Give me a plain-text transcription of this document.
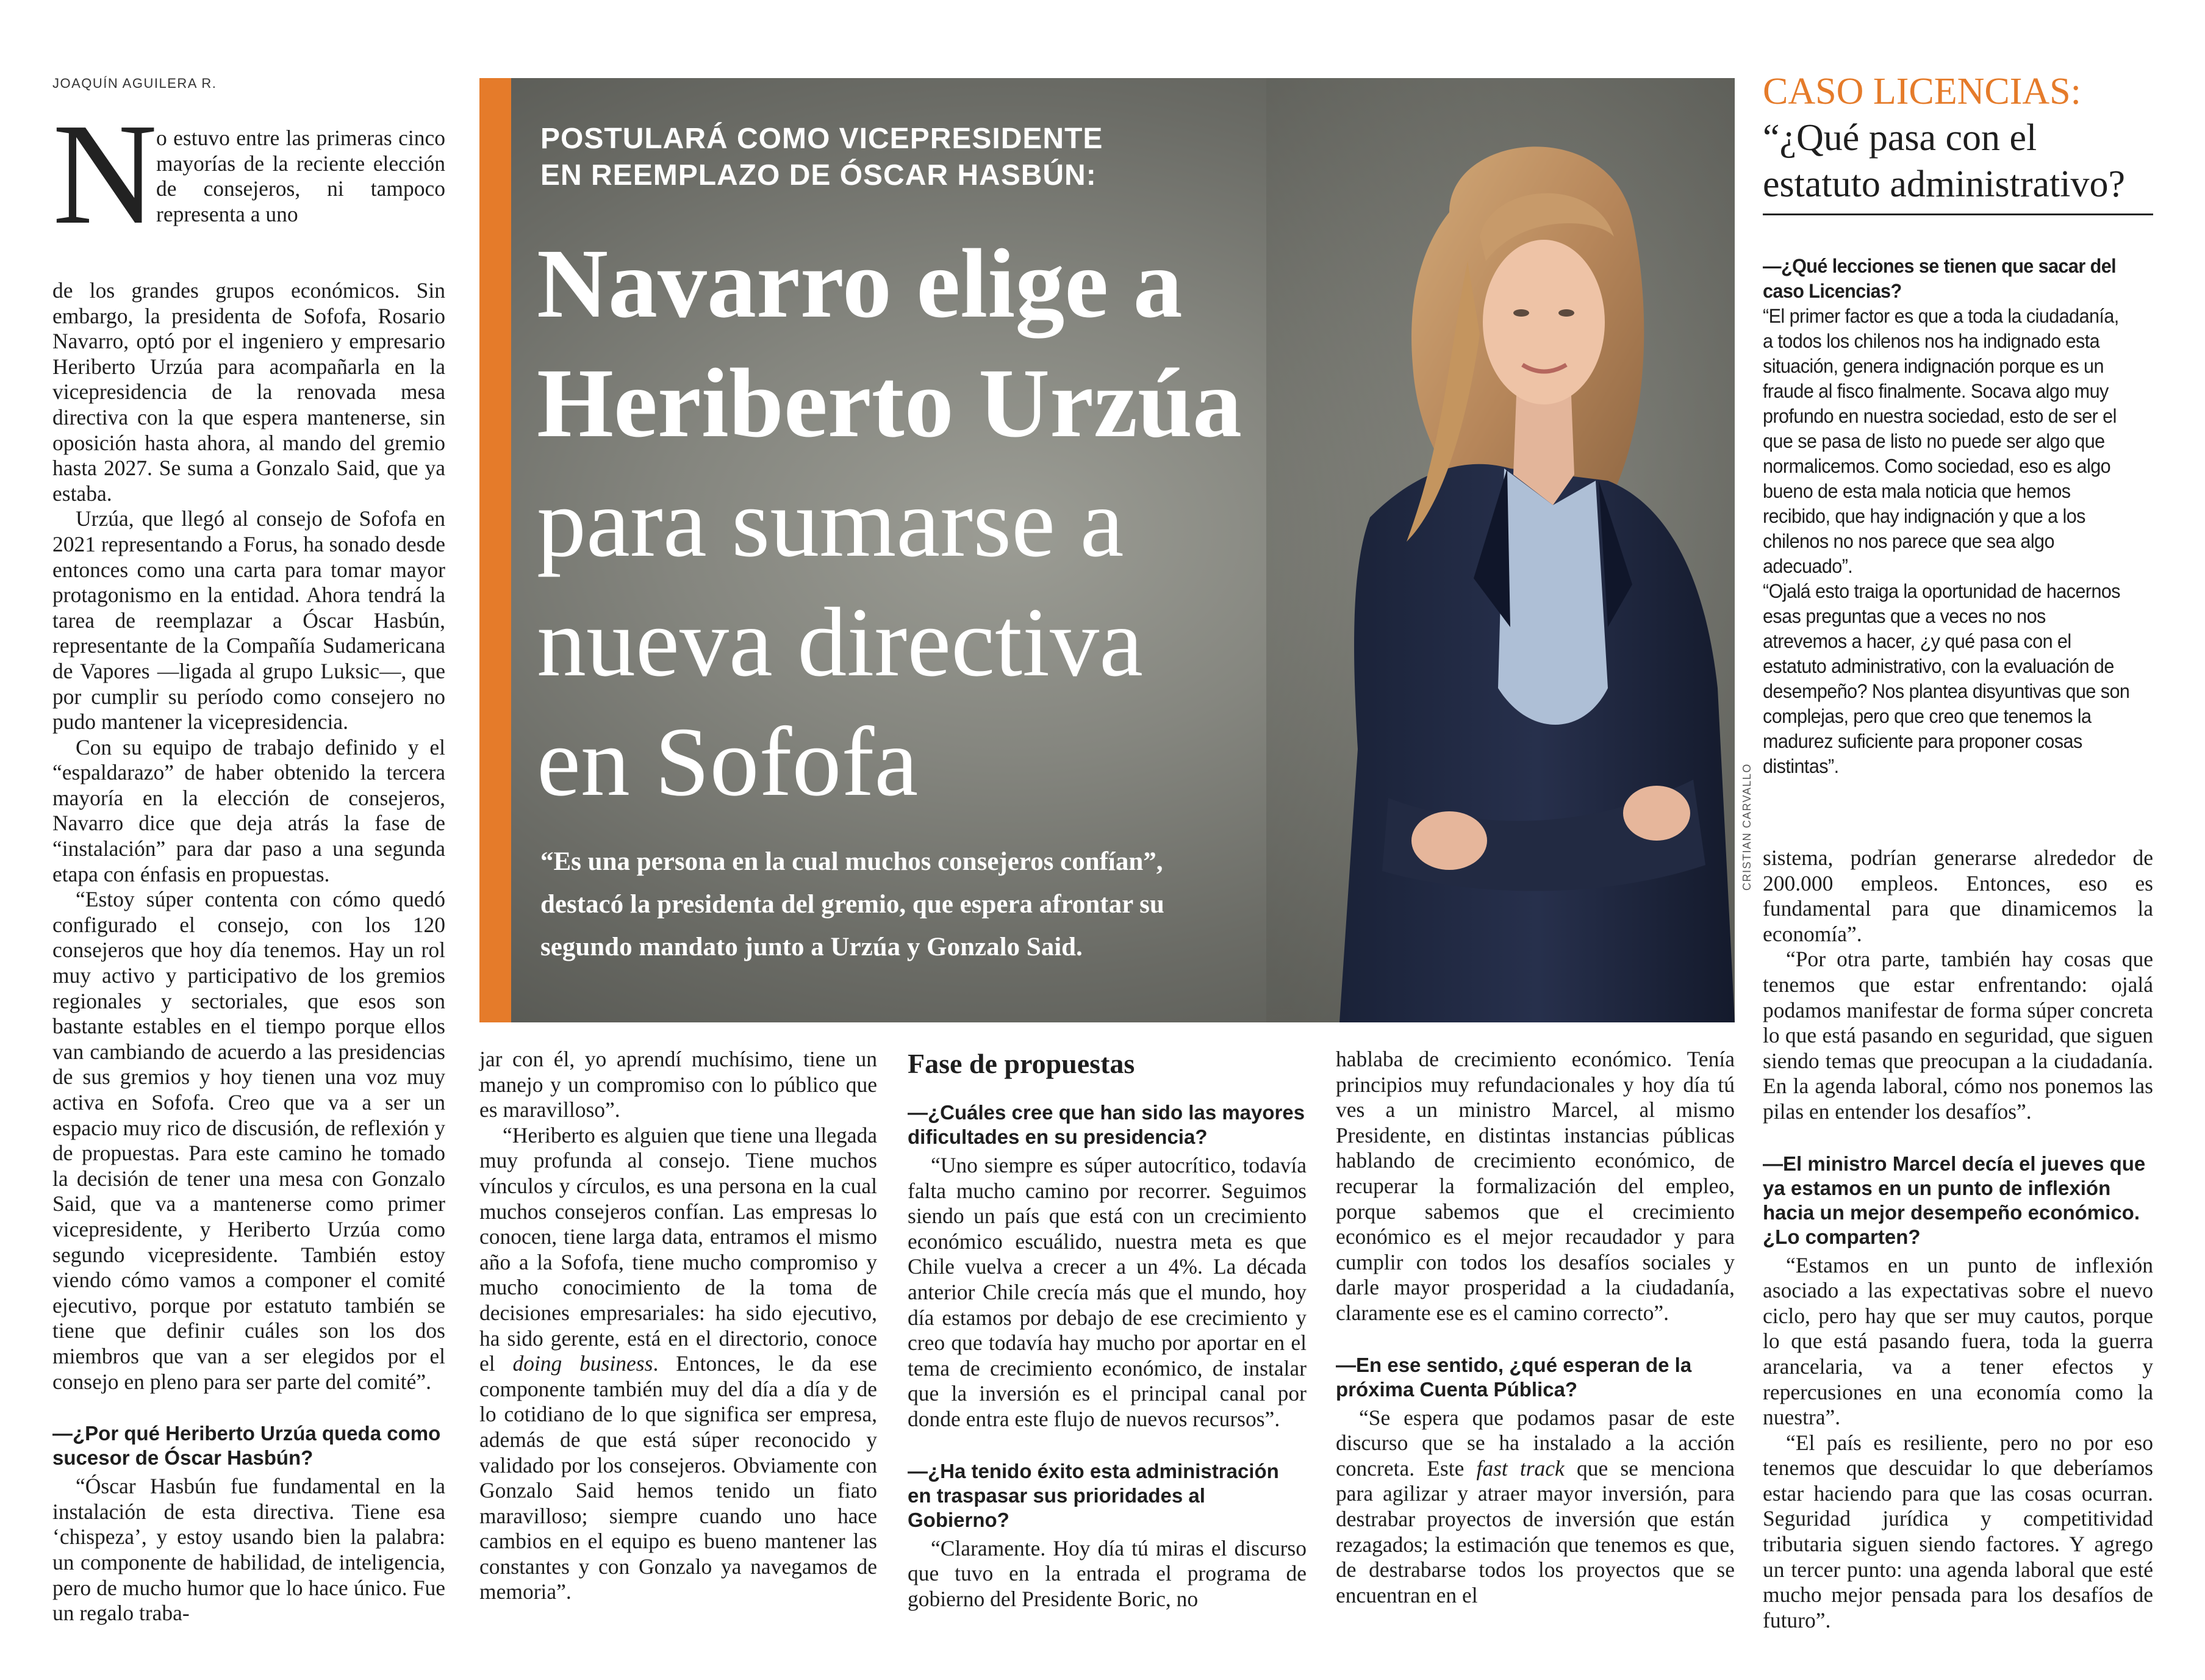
JOAQUÍN AGUILERA R.
N

o estuvo entre las primeras cinco mayorías de la reciente elección de consejeros, ni tampoco representa a uno

de los grandes grupos económicos. Sin embargo, la presidenta de Sofofa, Rosario Navarro, optó por el ingeniero y empresario Heriberto Urzúa para acompañarla en la vicepresidencia de la renovada mesa directiva con la que espera mantenerse, sin oposición hasta ahora, al mando del gremio hasta 2027. Se suma a Gonzalo Said, que ya estaba.

Urzúa, que llegó al consejo de Sofofa en 2021 representando a Forus, ha sonado desde entonces como una carta para tomar mayor protagonismo en la entidad. Ahora tendrá la tarea de reemplazar a Óscar Hasbún, representante de la Compañía Sudamericana de Vapores —ligada al grupo Luksic—, que por cumplir su período como consejero no pudo mantener la vicepresidencia.

Con su equipo de trabajo definido y el “espaldarazo” de haber obtenido la tercera mayoría en la elección de consejeros, Navarro dice que deja atrás la fase de “instalación” para dar paso a una segunda etapa con énfasis en propuestas.

“Estoy súper contenta con cómo quedó configurado el consejo, con los 120 consejeros que hoy día tenemos. Hay un rol muy activo y participativo de los gremios regionales y sectoriales, que esos son bastante estables en el tiempo porque ellos van cambiando de acuerdo a las presidencias de sus gremios y hoy tienen una voz muy activa en Sofofa. Creo que va a ser un espacio muy rico de discusión, de reflexión y de propuestas. Para este camino he tomado la decisión de tener una mesa con Gonzalo Said, que va a mantenerse como primer vicepresidente, y Heriberto Urzúa como segundo vicepresidente. También estoy viendo cómo vamos a componer el comité ejecutivo, porque por estatuto también se tiene que definir cuáles son los dos miembros que van a ser elegidos por el consejo en pleno para ser parte del comité”.

—¿Por qué Heriberto Urzúa queda como sucesor de Óscar Hasbún?

“Óscar Hasbún fue fundamental en la instalación de esta directiva. Tiene esa ‘chispeza’, y estoy usando bien la palabra: un componente de habilidad, de inteligencia, pero de mucho humor que lo hace único. Fue un regalo traba-

POSTULARÁ COMO VICEPRESIDENTE
EN REEMPLAZO DE ÓSCAR HASBÚN:
Navarro elige a
Heriberto Urzúa
para sumarse a
nueva directiva
en Sofofa
“Es una persona en la cual muchos consejeros confían”, destacó la presidenta del gremio, que espera afrontar su segundo mandato junto a Urzúa y Gonzalo Said.
CRISTIAN CARVALLO

jar con él, yo aprendí muchísimo, tiene un manejo y un compromiso con lo público que es maravilloso”.

“Heriberto es alguien que tiene una llegada muy profunda al consejo. Tiene muchos vínculos y círculos, es una persona en la cual muchos consejeros confían. Las empresas lo conocen, tiene larga data, entramos el mismo año a la Sofofa, tiene mucho compromiso y mucho conocimiento de la toma de decisiones empresariales: ha sido ejecutivo, ha sido gerente, está en el directorio, conoce el doing business. Entonces, le da ese componente también muy del día a día y de lo cotidiano de lo que significa ser empresa, además de que está súper reconocido y validado por los consejeros. Obviamente con Gonzalo Said hemos tenido un fiato maravilloso; siempre cuando uno hace cambios en el equipo es bueno mantener las constantes y con Gonzalo ya navegamos de memoria”.

Fase de propuestas

—¿Cuáles cree que han sido las mayores dificultades en su presidencia?

“Uno siempre es súper autocrítico, todavía falta mucho camino por recorrer. Seguimos siendo un país que está con un crecimiento económico escuálido, nuestra meta es que Chile vuelva a crecer a un 4%. La década anterior Chile crecía más que el mundo, hoy día estamos por debajo de ese crecimiento y creo que todavía hay mucho por aportar en el tema de crecimiento económico, de instalar que la inversión es el principal canal por donde entra este flujo de nuevos recursos”.

—¿Ha tenido éxito esta administración en traspasar sus prioridades al Gobierno?

“Claramente. Hoy día tú miras el discurso que tuvo en la entrada el programa de gobierno del Presidente Boric, no

hablaba de crecimiento económico. Tenía principios muy refundacionales y hoy día tú ves a un ministro Marcel, al mismo Presidente, en distintas instancias públicas hablando de crecimiento económico, de recuperar la formalización del empleo, porque sabemos que el crecimiento económico es el mejor recaudador y para cumplir con todos los desafíos sociales y darle mayor prosperidad a la ciudadanía, claramente ese es el camino correcto”.

—En ese sentido, ¿qué esperan de la próxima Cuenta Pública?

“Se espera que podamos pasar de este discurso que se ha instalado a la acción concreta. Este fast track que se menciona para agilizar y atraer mayor inversión, para destrabar proyectos de inversión que están rezagados; la estimación que tenemos es que, de destrabarse todos los proyectos que se encuentran en el

CASO LICENCIAS:
“¿Qué pasa con el estatuto administrativo?

—¿Qué lecciones se tienen que sacar del caso Licencias?

“El primer factor es que a toda la ciudadanía, a todos los chilenos nos ha indignado esta situación, genera indignación porque es un fraude al fisco finalmente. Socava algo muy profundo en nuestra sociedad, esto de ser el que se pasa de listo no puede ser algo que normalicemos. Como sociedad, eso es algo bueno de esta mala noticia que hemos recibido, que hay indignación y que a los chilenos no nos parece que sea algo adecuado”.

“Ojalá esto traiga la oportunidad de hacernos esas preguntas que a veces no nos atrevemos a hacer, ¿y qué pasa con el estatuto administrativo, con la evaluación de desempeño? Nos plantea disyuntivas que son complejas, pero que creo que tenemos la madurez suficiente para proponer cosas distintas”.

sistema, podrían generarse alrededor de 200.000 empleos. Entonces, eso es fundamental para que dinamicemos la economía”.

“Por otra parte, también hay cosas que tenemos que estar enfrentando: ojalá podamos manifestar de forma súper concreta lo que está pasando en seguridad, que siguen siendo temas que preocupan a la ciudadanía. En la agenda laboral, cómo nos ponemos las pilas en entender los desafíos”.

—El ministro Marcel decía el jueves que ya estamos en un punto de inflexión hacia un mejor desempeño económico. ¿Lo comparten?

“Estamos en un punto de inflexión asociado a las expectativas sobre el nuevo ciclo, pero hay que ser muy cautos, porque lo que está pasando fuera, toda la guerra arancelaria, va a tener efectos y repercusiones en una economía como la nuestra”.

“El país es resiliente, pero no por eso tenemos que descuidar lo que deberíamos estar haciendo para que las cosas ocurran. Seguridad jurídica y competitividad tributaria siguen siendo factores. Y agrego un tercer punto: una agenda laboral que esté mucho mejor pensada para los desafíos de futuro”.
